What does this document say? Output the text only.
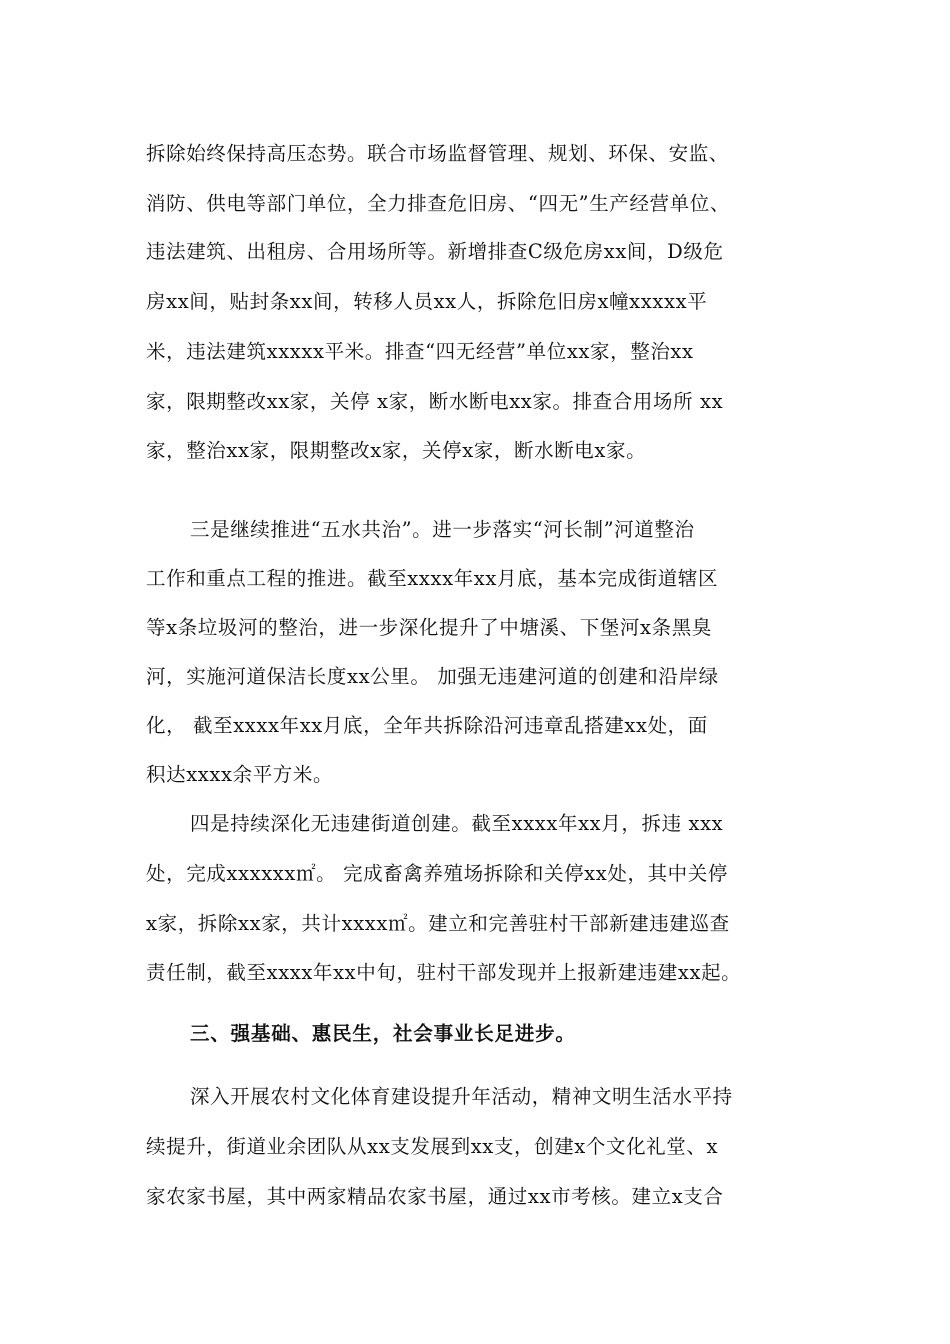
拆除始终保持高压态势。联合市场监督管理、规划、环保、安监、
消防、供电等部门单位，全力排查危旧房、“四无”生产经营单位、
违法建筑、出租房、合用场所等。新增排查C级危房xx间，D级危
房xx间，贴封条xx间，转移人员xx人，拆除危旧房x幢xxxxx平
米，违法建筑xxxxx平米。排查“四无经营”单位xx家，整治xx
家，限期整改xx家，关停 x家，断水断电xx家。排查合用场所 xx
家，整治xx家，限期整改x家，关停x家，断水断电x家。
三是继续推进“五水共治”。进一步落实“河长制”河道整治
工作和重点工程的推进。截至xxxx年xx月底，基本完成街道辖区
等x条垃圾河的整治，进一步深化提升了中塘溪、下堡河x条黑臭
河，实施河道保洁长度xx公里。 加强无违建河道的创建和沿岸绿
化， 截至xxxx年xx月底，全年共拆除沿河违章乱搭建xx处，面
积达xxxx余平方米。
四是持续深化无违建街道创建。截至xxxx年xx月，拆违 xxx
处，完成xxxxxx㎡。 完成畜禽养殖场拆除和关停xx处，其中关停
x家，拆除xx家，共计xxxx㎡。建立和完善驻村干部新建违建巡查
责任制，截至xxxx年xx中旬，驻村干部发现并上报新建违建xx起。
三、强基础、惠民生，社会事业长足进步。
深入开展农村文化体育建设提升年活动，精神文明生活水平持
续提升，街道业余团队从xx支发展到xx支，创建x个文化礼堂、x
家农家书屋，其中两家精品农家书屋，通过xx市考核。建立x支合
